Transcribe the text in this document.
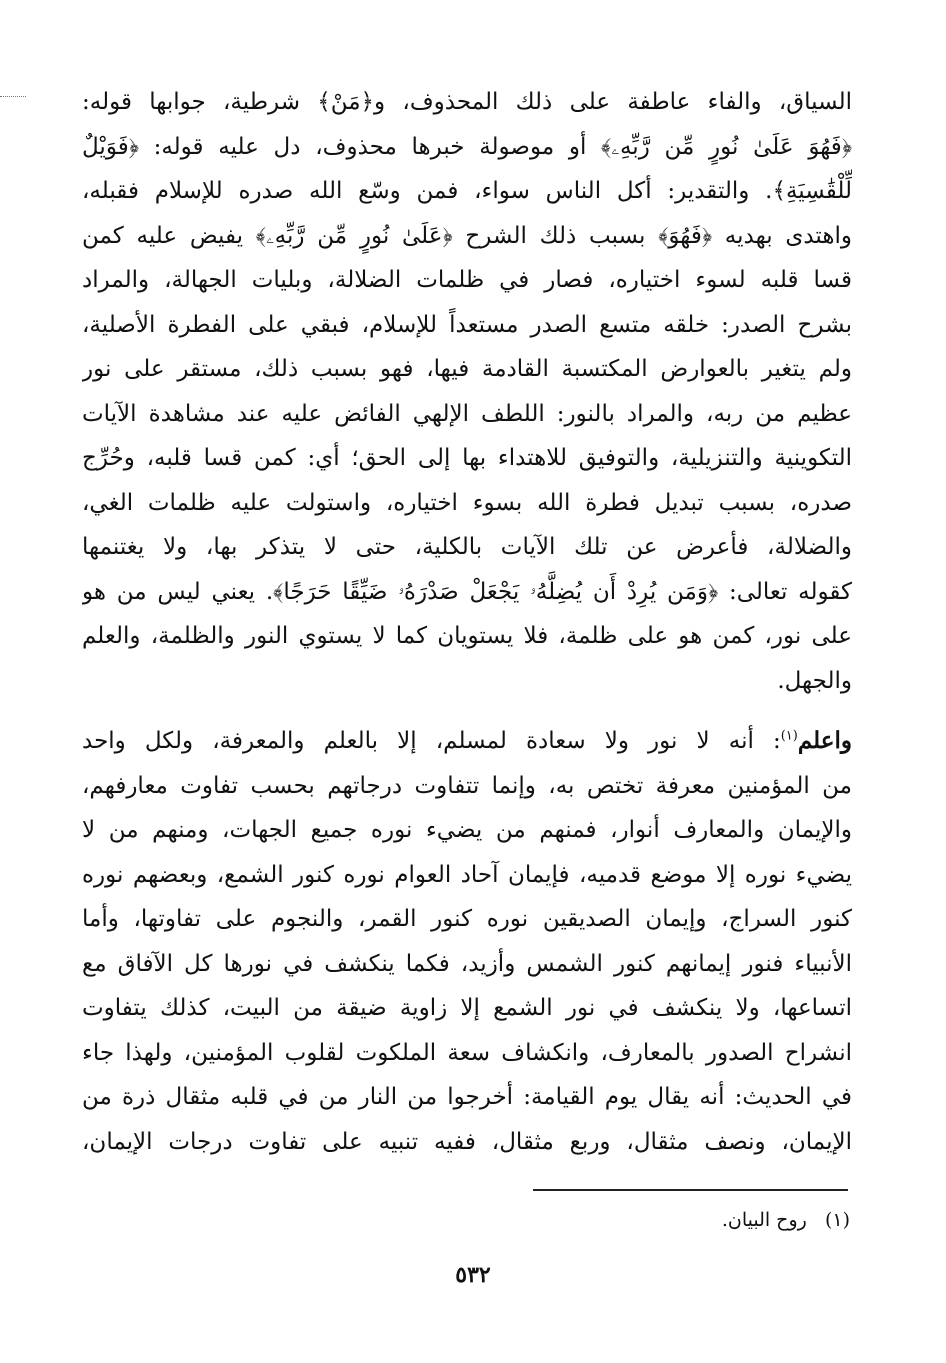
السياق، والفاء عاطفة على ذلك المحذوف، و﴿مَنْ﴾ شرطية، جوابها قوله:
﴿فَهُوَ عَلَىٰ نُورٍ مِّن رَّبِّهِۦ﴾ أو موصولة خبرها محذوف، دل عليه قوله: ﴿فَوَيْلٌ
لِّلْقَٰسِيَةِ﴾. والتقدير: أكل الناس سواء، فمن وسّع الله صدره للإسلام فقبله،
واهتدى بهديه ﴿فَهُوَ﴾ بسبب ذلك الشرح ﴿عَلَىٰ نُورٍ مِّن رَّبِّهِۦ﴾ يفيض عليه كمن
قسا قلبه لسوء اختياره، فصار في ظلمات الضلالة، وبليات الجهالة، والمراد
بشرح الصدر: خلقه متسع الصدر مستعداً للإسلام، فبقي على الفطرة الأصلية،
ولم يتغير بالعوارض المكتسبة القادمة فيها، فهو بسبب ذلك، مستقر على نور
عظيم من ربه، والمراد بالنور: اللطف الإلهي الفائض عليه عند مشاهدة الآيات
التكوينية والتنزيلية، والتوفيق للاهتداء بها إلى الحق؛ أي: كمن قسا قلبه، وحُرِّج
صدره، بسبب تبديل فطرة الله بسوء اختياره، واستولت عليه ظلمات الغي،
والضلالة، فأعرض عن تلك الآيات بالكلية، حتى لا يتذكر بها، ولا يغتنمها
كقوله تعالى: ﴿وَمَن يُرِدْ أَن يُضِلَّهُۥ يَجْعَلْ صَدْرَهُۥ ضَيِّقًا حَرَجًا﴾. يعني ليس من هو
على نور، كمن هو على ظلمة، فلا يستويان كما لا يستوي النور والظلمة، والعلم
والجهل.
واعلم$^{(١)}$: أنه لا نور ولا سعادة لمسلم، إلا بالعلم والمعرفة، ولكل واحد
من المؤمنين معرفة تختص به، وإنما تتفاوت درجاتهم بحسب تفاوت معارفهم،
والإيمان والمعارف أنوار، فمنهم من يضيء نوره جميع الجهات، ومنهم من لا
يضيء نوره إلا موضع قدميه، فإيمان آحاد العوام نوره كنور الشمع، وبعضهم نوره
كنور السراج، وإيمان الصديقين نوره كنور القمر، والنجوم على تفاوتها، وأما
الأنبياء فنور إيمانهم كنور الشمس وأزيد، فكما ينكشف في نورها كل الآفاق مع
اتساعها، ولا ينكشف في نور الشمع إلا زاوية ضيقة من البيت، كذلك يتفاوت
انشراح الصدور بالمعارف، وانكشاف سعة الملكوت لقلوب المؤمنين، ولهذا جاء
في الحديث: أنه يقال يوم القيامة: أخرجوا من النار من في قلبه مثقال ذرة من
الإيمان، ونصف مثقال، وربع مثقال، ففيه تنبيه على تفاوت درجات الإيمان،
(١)   روح البيان.
٥٣٢
